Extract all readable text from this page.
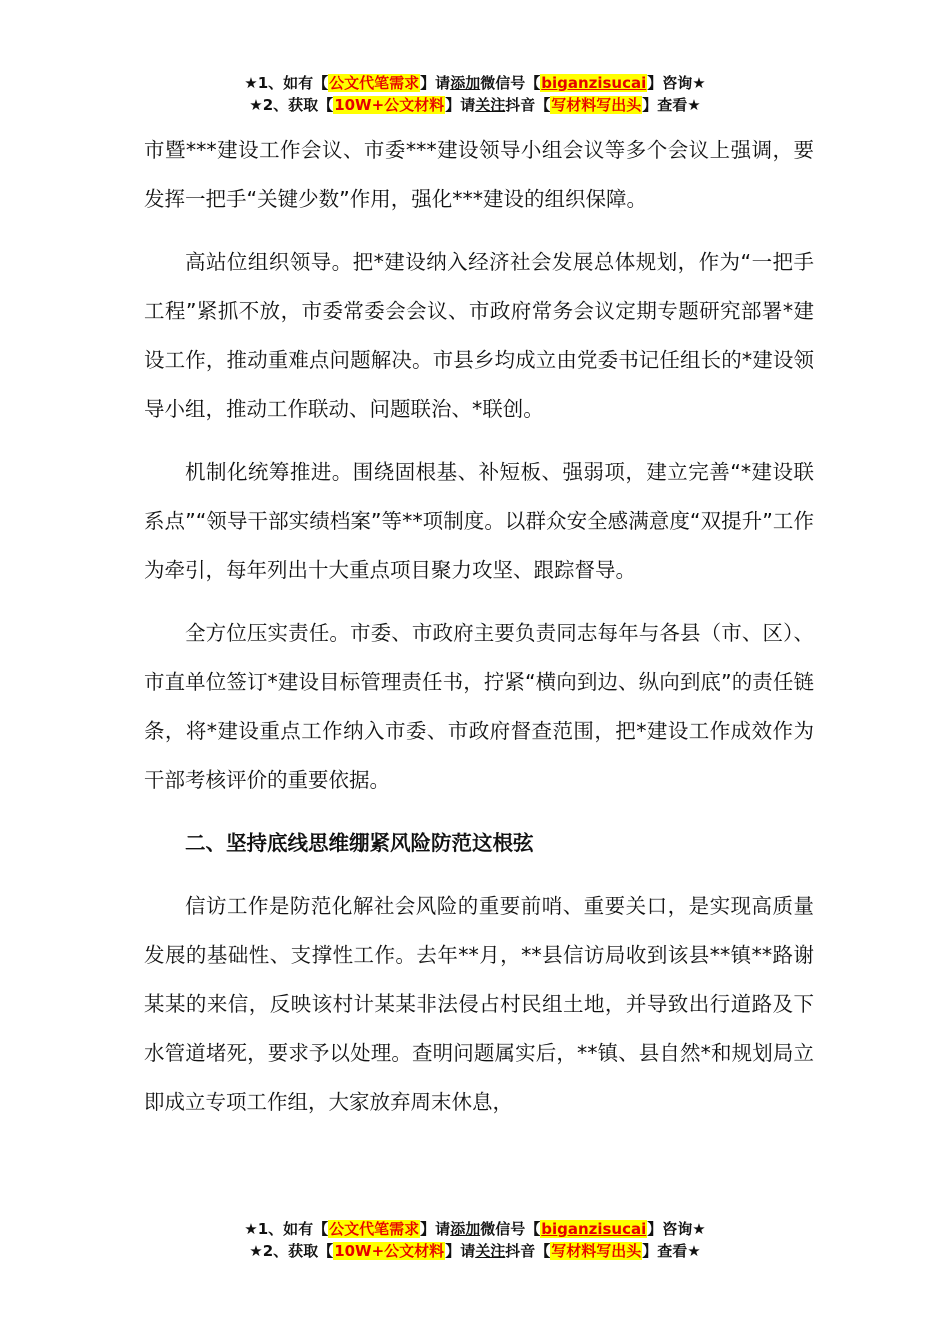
★1、如有【公文代笔需求】请添加微信号【biganzisucai】咨询★
★2、获取【10W+公文材料】请关注抖音【写材料写出头】查看★

市暨***建设工作会议、市委***建设领导小组会议等多个会议上强调，要发挥一把手“关键少数”作用，强化***建设的组织保障。

高站位组织领导。把*建设纳入经济社会发展总体规划，作为“一把手工程”紧抓不放，市委常委会会议、市政府常务会议定期专题研究部署*建设工作，推动重难点问题解决。市县乡均成立由党委书记任组长的*建设领导小组，推动工作联动、问题联治、*联创。

机制化统筹推进。围绕固根基、补短板、强弱项，建立完善“*建设联系点”“领导干部实绩档案”等**项制度。以群众安全感满意度“双提升”工作为牵引，每年列出十大重点项目聚力攻坚、跟踪督导。

全方位压实责任。市委、市政府主要负责同志每年与各县（市、区）、市直单位签订*建设目标管理责任书，拧紧“横向到边、纵向到底”的责任链条，将*建设重点工作纳入市委、市政府督查范围，把*建设工作成效作为干部考核评价的重要依据。

二、坚持底线思维绷紧风险防范这根弦

信访工作是防范化解社会风险的重要前哨、重要关口，是实现高质量发展的基础性、支撑性工作。去年**月，**县信访局收到该县**镇**路谢某某的来信，反映该村计某某非法侵占村民组土地，并导致出行道路及下水管道堵死，要求予以处理。查明问题属实后，**镇、县自然*和规划局立即成立专项工作组，大家放弃周末休息，

★1、如有【公文代笔需求】请添加微信号【biganzisucai】咨询★
★2、获取【10W+公文材料】请关注抖音【写材料写出头】查看★
